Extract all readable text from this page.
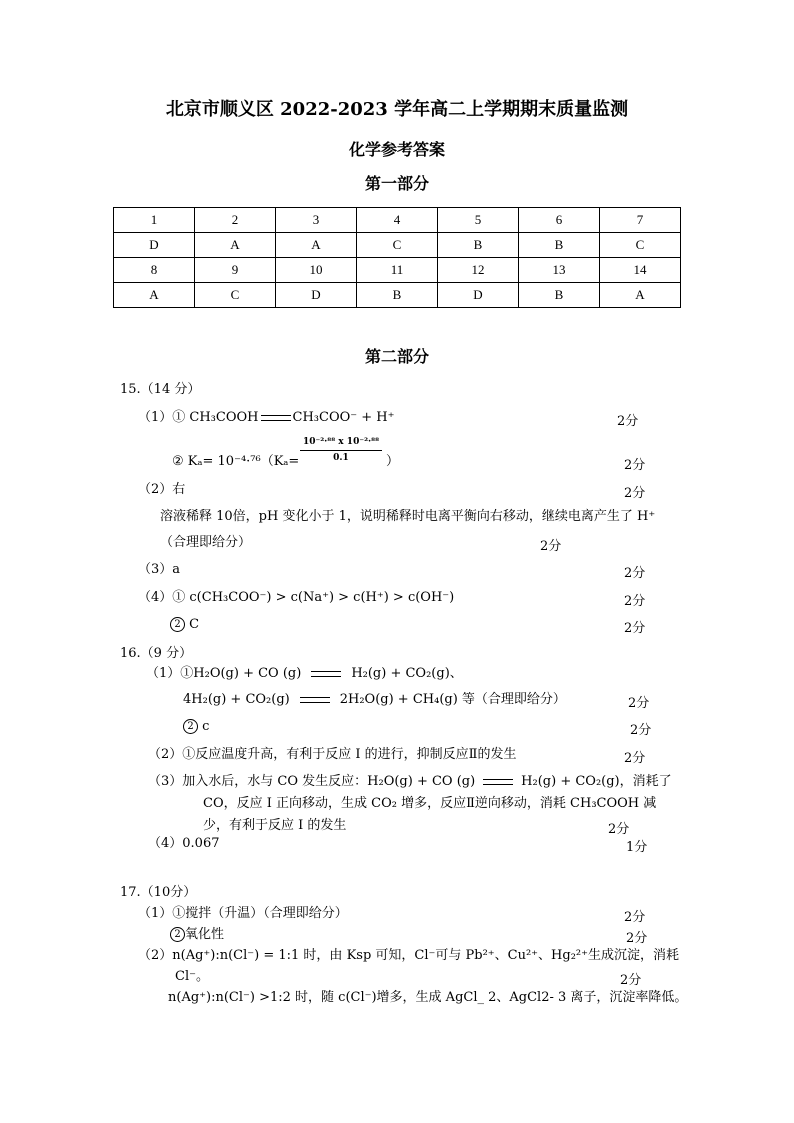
北京市顺义区 2022-2023 学年高二上学期期末质量监测
化学参考答案
第一部分
1	2	3	4	5	6	7
D	A	A	C	B	B	C
8	9	10	11	12	13	14
A	C	D	B	D	B	A
第二部分
15.（14 分）
（1）① CH₃COOH	CH₃COO⁻ + H⁺	2分
② $K_a= 10^{-4}\cdot^{76}(K_a= \frac{\text{10⁻²·⁸⁸ x 10⁻²·⁸⁸}}{0.1}$ ）	2分
（2）右	2分
溶液稀释 10倍，pH 变化小于 1，说明稀释时电离平衡向右移动，继续电离产生了 H⁺
（合理即给分）	2分
（3）a	2分
（4）① c(CH₃COO⁻) > c(Na⁺) > c(H⁺) > c(OH⁻)	2分
2 C	2分
16.（9 分）
（1）①H₂O(g) + CO (g)	H₂(g) + CO₂(g)、
4H₂(g) + CO₂(g)	2H₂O(g) + CH₄(g) 等（合理即给分）	2分
2 c	2分
（2）①反应温度升高，有利于反应 I 的进行，抑制反应Ⅱ的发生	2分
（3）加入水后，水与 CO 发生反应：H₂O(g) + CO (g)	H₂(g) + CO₂(g)，消耗了
CO，反应 I 正向移动，生成 CO₂ 增多，反应Ⅱ逆向移动，消耗 CH₃COOH 减
少，有利于反应 I 的发生	2分
（4）0.067	1分
17.（10分）
（1）①搅拌（升温）（合理即给分）	2分
2 氧化性	2分
（2）n(Ag⁺):n(Cl⁻) = 1:1 时，由 Ksp 可知，Cl⁻可与 Pb²⁺、Cu²⁺、Hg₂²⁺生成沉淀，消耗
Cl⁻。	2分
n(Ag⁺):n(Cl⁻) >1:2 时，随 c(Cl⁻)增多，生成 AgCl_ 2、AgCl2- 3 离子，沉淀率降低。
